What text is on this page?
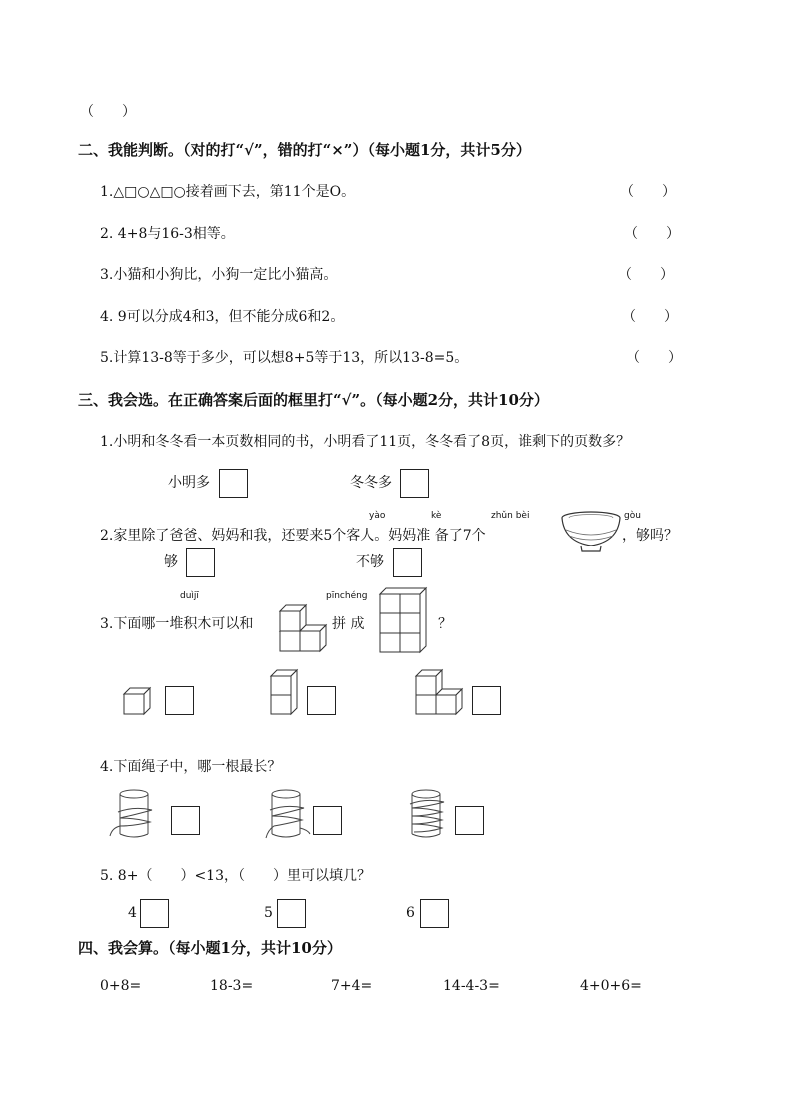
（　　）
二、我能判断。（对的打“√”，错的打“×”）（每小题1分，共计5分）
1.△□○△□○接着画下去，第11个是O。	（　　）
2. 4+8与16-3相等。	（　　）
3.小猫和小狗比，小狗一定比小猫高。	（　　）
4. 9可以分成4和3，但不能分成6和2。	（　　）
5.计算13-8等于多少，可以想8+5等于13，所以13-8=5。	（　　）
三、我会选。在正确答案后面的框里打“√”。（每小题2分，共计10分）
1.小明和冬冬看一本页数相同的书，小明看了11页，冬冬看了8页，谁剩下的页数多？
小明多	冬冬多
yào	kè	zhǔn bèi	gòu
2.家里除了爸爸、妈妈和我，还要来5个客人。妈妈准 备了7个	，够吗？
够	不够
duìjī	pīnchéng
3.下面哪一堆积木可以和	拼 成	？
4.下面绳子中，哪一根最长？
5. 8+（　　）<13，（　　）里可以填几？
4	5	6
四、我会算。（每小题1分，共计10分）
0+8=	18-3=	7+4=	14-4-3=	4+0+6=
